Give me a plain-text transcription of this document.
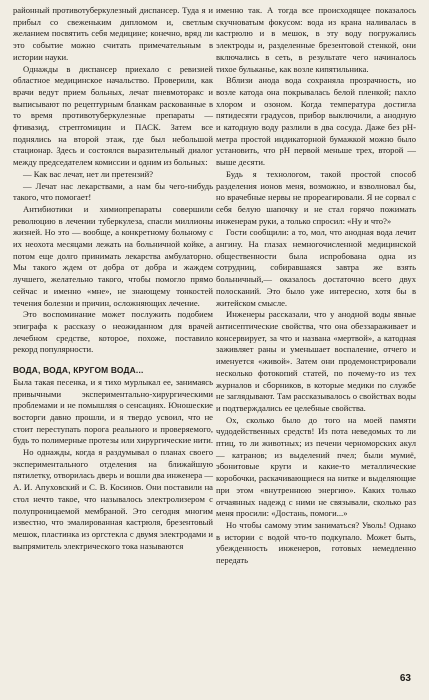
районный противотуберкулезный диспансер. Туда я и прибыл со свеженьким дипломом и, светлым желанием посвятить себя медицине; конечно, вряд ли это событие можно считать примечательным в истории науки.

Однажды в диспансер приехало с ревизией областное медицинское начальство. Проверили, как врачи ведут прием больных, лечат пневмоторакс и выписывают по рецептурным бланкам раскованные в то время противотуберкулезные препараты — фтивазид, стрептомицин и ПАСК. Затем все поднялись на второй этаж, где был небольшой стационар. Здесь и состоялся выразительный диалог между председателем комиссии и одним из больных:

— Как вас лечат, нет ли претензий?

— Лечат нас лекарствами, а нам бы чего-нибудь такого, что помогает!

Антибиотики и химиопрепараты совершили революцию в лечении туберкулеза, спасли миллионы жизней. Но это — вообще, а конкретному больному с их неохота месяцами лежать на больничной койке, а потом еще долго принимать лекарства амбулаторно. Мы такого ждем от добра от добра и жаждем лучшего, желательно такого, чтобы помогло прямо сейчас и именно «мне», не знающему тонкостей течения болезни и причин, осложняющих лечение.

Это воспоминание может послужить подобием эпиграфа к рассказу о неожиданном для врачей лечебном средстве, которое, похоже, поставило рекорд популярности.

ВОДА, ВОДА, КРУГОМ ВОДА...

Была такая песенка, и я тихо мурлыкал ее, занимаясь привычными экспериментально-хирургическими проблемами и не помышляя о сенсациях. Юношеские восторги давно прошли, и я твердо усвоил, что не стоит переступать порога реального и проверяемого, будь то полимерные протезы или хирургические нити.

Но однажды, когда я раздумывал о планах своего экспериментального отделения на ближайшую пятилетку, отворилась дверь и вошли два инженера — А. И. Апуховский и С. В. Косинов. Они поставили на стол нечто такое, что называлось электролизером с полупроницаемой мембраной. Это сегодня многим известно, что эмалированная кастрюля, брезентовый мешок, пластинка из оргстекла с двумя электродами и выпрямитель электрического тока называются

именно так. А тогда все происходящее показалось скучноватым фокусом: вода из крана наливалась в кастрюлю и в мешок, в эту воду погружались электроды и, разделенные брезентовой стенкой, они включались в сеть, в результате чего начиналось тихое бульканье, как возле кипятильника.

Вблизи анода вода сохраняла прозрачность, но возле катода она покрывалась белой пленкой; пахло хлором и озоном. Когда температура достигла пятидесяти градусов, прибор выключили, а анодную и катодную воду разлили в два сосуда. Даже без pH-метра простой индикаторной бумажкой можно было установить, что pH первой меньше трех, второй — выше десяти.

Будь я технологом, такой простой способ разделения ионов меня, возможно, и взволновал бы, но врачебные нервы не прореагировали. Я не сорвал с себя белую шапочку и не стал горячо пожимать инженерам руки, а только спросил: «Ну и что?»

Гости сообщили: а то, мол, что анодная вода лечит ангину. На глазах немногочисленной медицинской общественности была испробована одна из сотрудниц, собиравшаяся завтра же взять больничный,— оказалось достаточно всего двух полосканий. Это было уже интересно, хотя бы в житейском смысле.

Инженеры рассказали, что у анодной воды явные антисептические свойства, что она обеззараживает и консервирует, за что и названа «мертвой», а катодная заживляет раны и уменьшает воспаление, отчего и именуется «живой». Затем они продемонстрировали несколько фотокопий статей, по почему-то из тех журналов и сборников, в которые медики по службе не заглядывают. Там рассказывалось о свойствах воды и подтверждались ее целебные свойства.

Ох, сколько было до того на моей памяти чудодейственных средств! Из пота неведомых то ли птиц, то ли животных; из печени черноморских акул — катранов; из выделений пчел; были мумиё, эбонитовые круги и какие-то металлические коробочки, раскачивающиеся на нитке и выделяющие при этом «внутреннюю энергию». Каких только отчаянных надежд с ними не связывали, сколько раз меня просили: «Достань, помоги...»

Но чтобы самому этим заниматься? Уволь! Однако в истории с водой что-то подкупало. Может быть, убежденность инженеров, готовых немедленно передать

63
